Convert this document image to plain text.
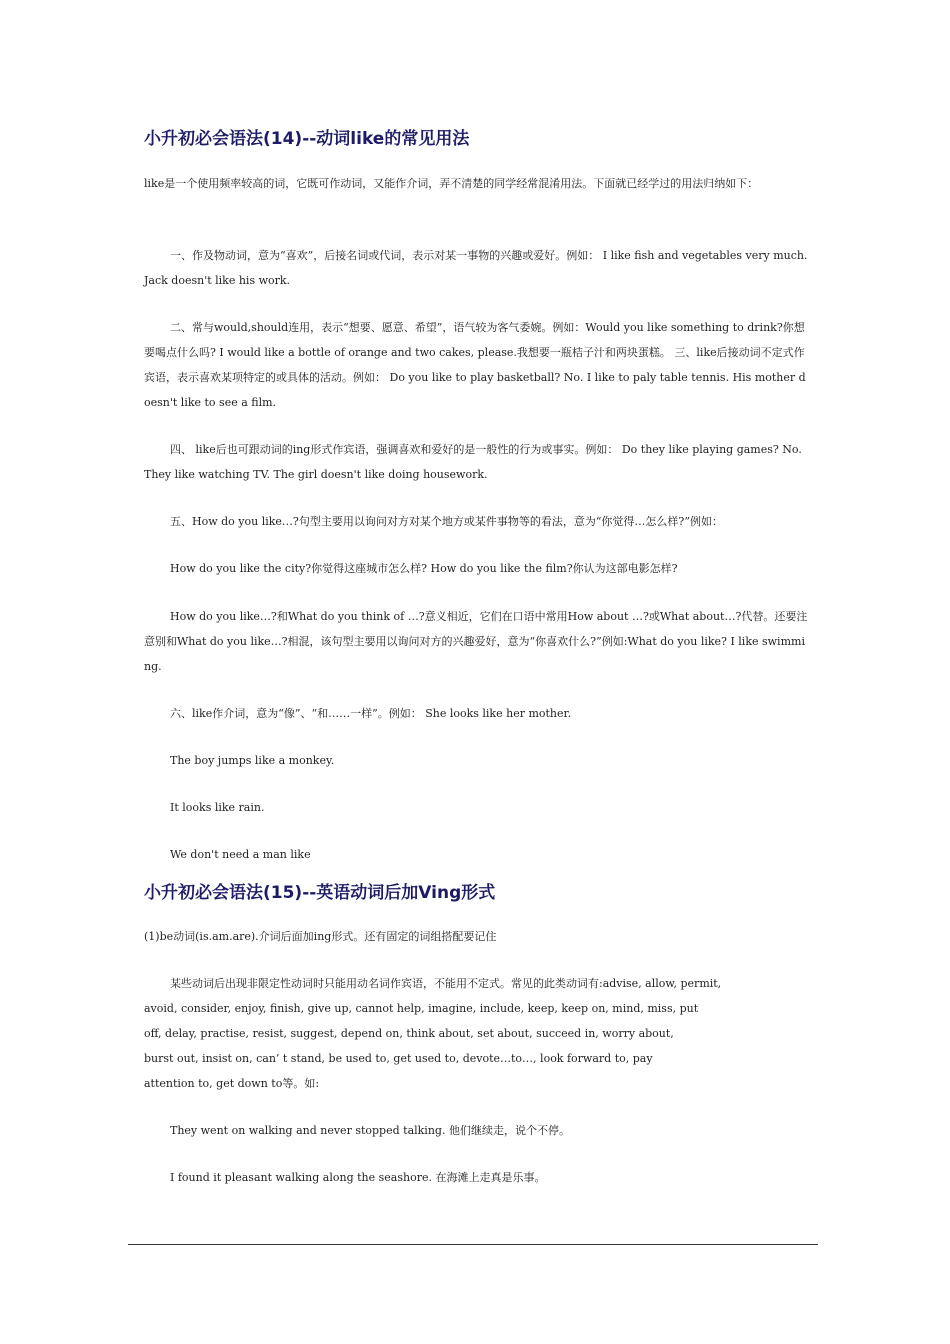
小升初必会语法(14)--动词like的常见用法

like是一个使用频率较高的词，它既可作动词，又能作介词，弄不清楚的同学经常混淆用法。下面就已经学过的用法归纳如下：

一、作及物动词，意为“喜欢”，后接名词或代词，表示对某一事物的兴趣或爱好。例如： I like fish and vegetables very much. Jack doesn't like his work.

二、常与would,should连用，表示“想要、愿意、希望”，语气较为客气委婉。例如：Would you like something to drink?你想要喝点什么吗? I would like a bottle of orange and two cakes, please.我想要一瓶桔子汁和两块蛋糕。 三、like后接动词不定式作宾语，表示喜欢某项特定的或具体的活动。例如： Do you like to play basketball? No. I like to paly table tennis. His mother doesn't like to see a film.

四、 like后也可跟动词的ing形式作宾语，强调喜欢和爱好的是一般性的行为或事实。例如： Do they like playing games? No. They like watching TV. The girl doesn't like doing housework.

五、How do you like…?句型主要用以询问对方对某个地方或某件事物等的看法，意为“你觉得…怎么样?”例如：

How do you like the city?你觉得这座城市怎么样? How do you like the film?你认为这部电影怎样?

How do you like…?和What do you think of …?意义相近，它们在口语中常用How about …?或What about…?代替。还要注意别和What do you like…?相混，该句型主要用以询问对方的兴趣爱好，意为“你喜欢什么?”例如:What do you like? I like swimming.

六、like作介词，意为“像”、“和……一样”。例如： She looks like her mother.

The boy jumps like a monkey.

It looks like rain.

We don't need a man like

小升初必会语法(15)--英语动词后加Ving形式

(1)be动词(is.am.are).介词后面加ing形式。还有固定的词组搭配要记住

某些动词后出现非限定性动词时只能用动名词作宾语，不能用不定式。常见的此类动词有:advise, allow, permit,

avoid, consider, enjoy, finish, give up, cannot help, imagine, include, keep, keep on, mind, miss, put

off, delay, practise, resist, suggest, depend on, think about, set about, succeed in, worry about,

burst out, insist on, can’ t stand, be used to, get used to, devote…to…, look forward to, pay

attention to, get down to等。如:

They went on walking and never stopped talking. 他们继续走，说个不停。

I found it pleasant walking along the seashore. 在海滩上走真是乐事。
